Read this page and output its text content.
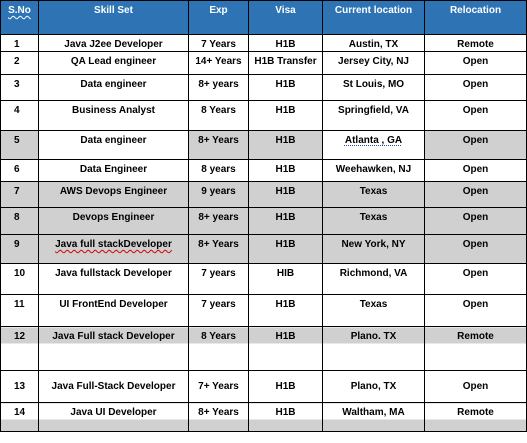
S.No	Skill Set	Exp	Visa	Current location	Relocation
1	Java J2ee Developer	7 Years	H1B	Austin, TX	Remote
2	QA Lead engineer	14+ Years	H1B Transfer	Jersey City, NJ	Open
3	Data engineer	8+ years	H1B	St Louis, MO	Open
4	Business Analyst	8 Years	H1B	Springfield, VA	Open
5	Data engineer	8+ Years	H1B	Atlanta , GA	Open
6	Data Engineer	8 years	H1B	Weehawken, NJ	Open
7	AWS Devops Engineer	9 years	H1B	Texas	Open
8	Devops Engineer	8+ years	H1B	Texas	Open
9	Java full stackDeveloper	8+ Years	H1B	New York, NY	Open
10	Java fullstack Developer	7 years	HIB	Richmond, VA	Open
11	UI FrontEnd Developer	7 years	H1B	Texas	Open
12	Java Full stack Developer	8 Years	H1B	Plano. TX	Remote
13	Java Full-Stack Developer	7+ Years	H1B	Plano, TX	Open
14	Java UI Developer	8+ Years	H1B	Waltham, MA	Remote
